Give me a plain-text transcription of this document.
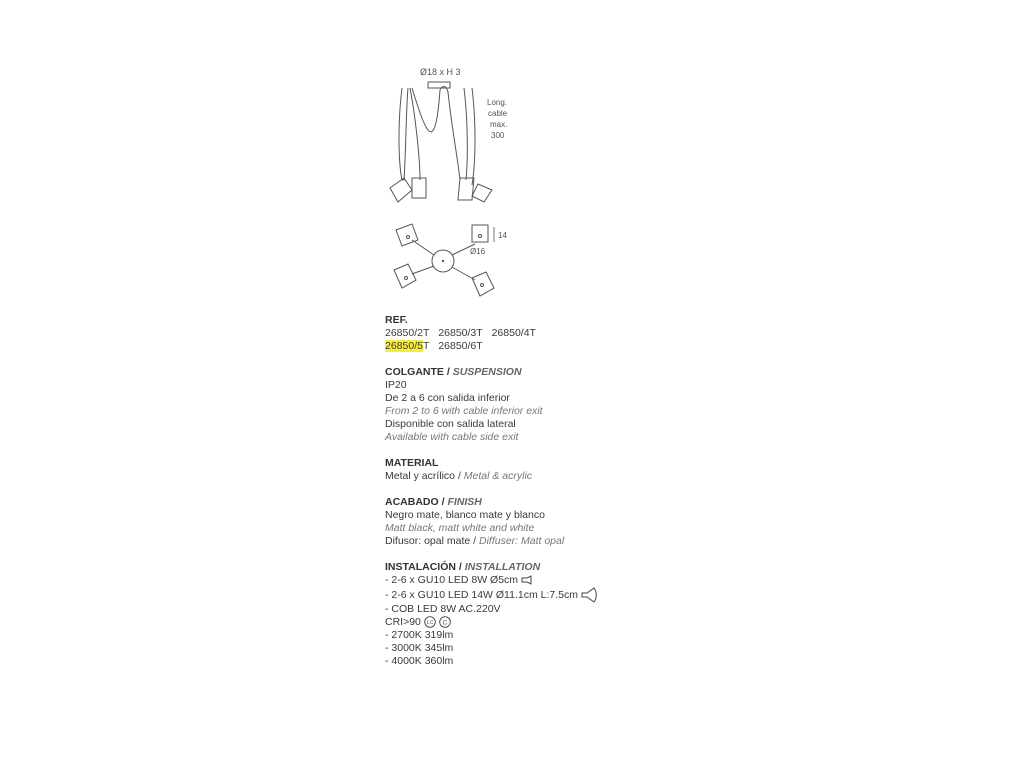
Ø18 x H 3
Long.
cable
max.
300
14
Ø16
REF.
26850/2T 26850/3T 26850/4T
26850/5T 26850/6T
COLGANTE / SUSPENSION
IP20
De 2 a 6 con salida inferior
From 2 to 6 with cable inferior exit
Disponible con salida lateral
Available with cable side exit
MATERIAL
Metal y acrílico / Metal & acrylic
ACABADO / FINISH
Negro mate, blanco mate y blanco
Matt black, matt white and white
Difusor: opal mate / Diffuser: Matt opal
INSTALACIÓN / INSTALLATION
- 2-6 x GU10 LED 8W Ø5cm
- 2-6 x GU10 LED 14W Ø11.1cm L:7.5cm
- COB LED 8W AC.220V
CRI>90 LC
C
- 2700K 319lm
- 3000K 345lm
- 4000K 360lm
